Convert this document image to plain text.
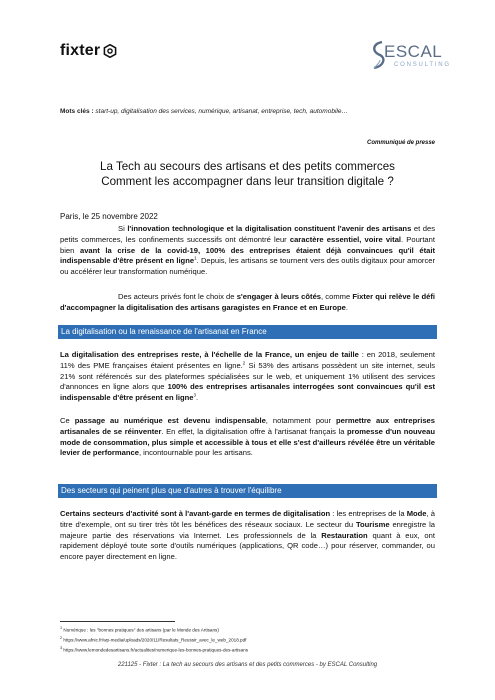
fixter	ESCAL
CONSULTING
Mots clés : start-up, digitalisation des services, numérique, artisanat, entreprise, tech, automobile…
Communiqué de presse
La Tech au secours des artisans et des petits commerces
Comment les accompagner dans leur transition digitale ?
Paris, le 25 novembre 2022

Si l'innovation technologique et la digitalisation constituent l'avenir des artisans et des petits commerces, les confinements successifs ont démontré leur caractère essentiel, voire vital. Pourtant bien avant la crise de la covid-19, 100% des entreprises étaient déjà convaincues qu'il était indispensable d'être présent en ligne$^1$. Depuis, les artisans se tournent vers des outils digitaux pour amorcer ou accélérer leur transformation numérique.

Des acteurs privés font le choix de s'engager à leurs côtés, comme Fixter qui relève le défi d'accompagner la digitalisation des artisans garagistes en France et en Europe.

La digitalisation ou la renaissance de l'artisanat en France

La digitalisation des entreprises reste, à l'échelle de la France, un enjeu de taille : en 2018, seulement 11% des PME françaises étaient présentes en ligne.$^2$ Si 53% des artisans possèdent un site internet, seuls 21% sont référencés sur des plateformes spécialisées sur le web, et uniquement 1% utilisent des services d'annonces en ligne alors que 100% des entreprises artisanales interrogées sont convaincues qu'il est indispensable d'être présent en ligne$^3$.

Ce passage au numérique est devenu indispensable, notamment pour permettre aux entreprises artisanales de se réinventer. En effet, la digitalisation offre à l'artisanat français la promesse d'un nouveau mode de consommation, plus simple et accessible à tous et elle s'est d'ailleurs révélée être un véritable levier de performance, incontournable pour les artisans.

Des secteurs qui peinent plus que d'autres à trouver l'équilibre

Certains secteurs d'activité sont à l'avant-garde en termes de digitalisation : les entreprises de la Mode, à titre d'exemple, ont su tirer très tôt les bénéfices des réseaux sociaux. Le secteur du Tourisme enregistre la majeure partie des réservations via Internet. Les professionnels de la Restauration quant à eux, ont rapidement déployé toute sorte d'outils numériques (applications, QR code…) pour réserver, commander, ou encore payer directement en ligne.

$^1$ Numérique : les "bonnes pratiques" des artisans (par le Monde des Artisans)
$^2$ https://www.afnic.fr/wp-media/uploads/2020/11/Resultats_Reussir_avec_le_web_2018.pdf
$^3$ https://www.lemondedesartisans.fr/actualites/numerique-les-bonnes-pratiques-des-artisans
221125 - Fixter : La tech au secours des artisans et des petits commerces - by ESCAL Consulting
